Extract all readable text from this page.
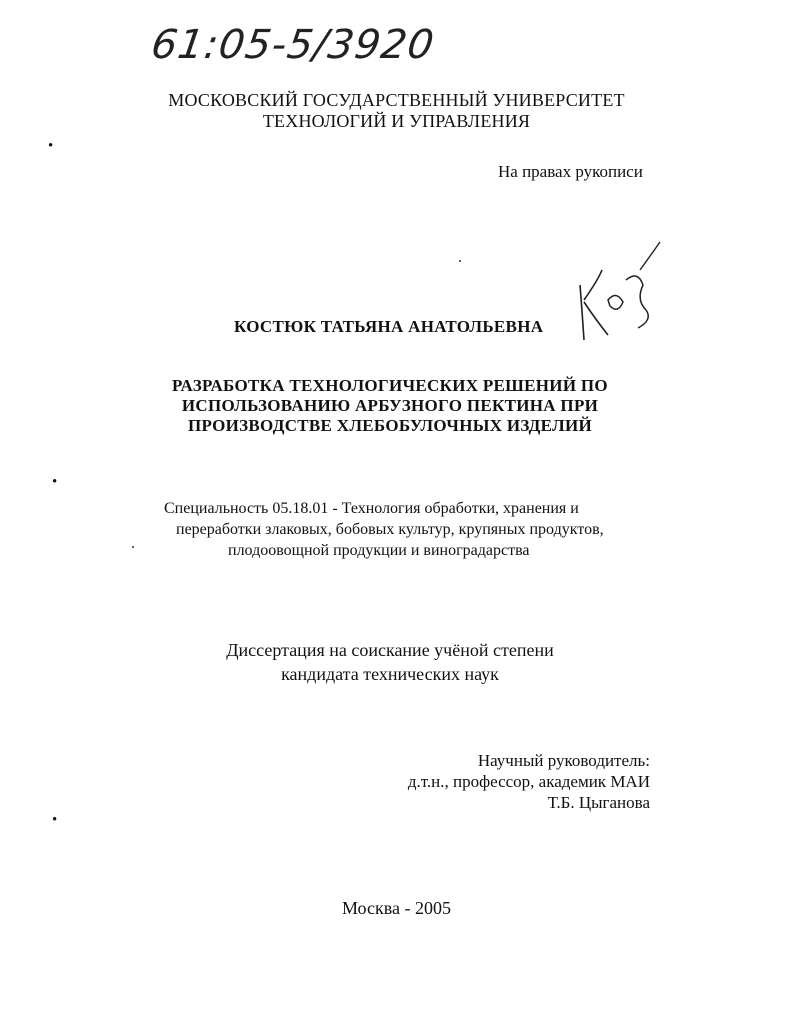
61:05-5/3920
МОСКОВСКИЙ ГОСУДАРСТВЕННЫЙ УНИВЕРСИТЕТ
ТЕХНОЛОГИЙ И УПРАВЛЕНИЯ
•
•
•
На правах рукописи
КОСТЮК ТАТЬЯНА АНАТОЛЬЕВНА
РАЗРАБОТКА ТЕХНОЛОГИЧЕСКИХ РЕШЕНИЙ ПО
ИСПОЛЬЗОВАНИЮ АРБУЗНОГО ПЕКТИНА ПРИ
ПРОИЗВОДСТВЕ ХЛЕБОБУЛОЧНЫХ ИЗДЕЛИЙ
Специальность 05.18.01 - Технология обработки, хранения и
переработки злаковых, бобовых культур, крупяных продуктов,
плодоовощной продукции и виноградарства
Диссертация на соискание учёной степени
кандидата технических наук
Научный руководитель:
д.т.н., профессор, академик МАИ
Т.Б. Цыганова
Москва - 2005
